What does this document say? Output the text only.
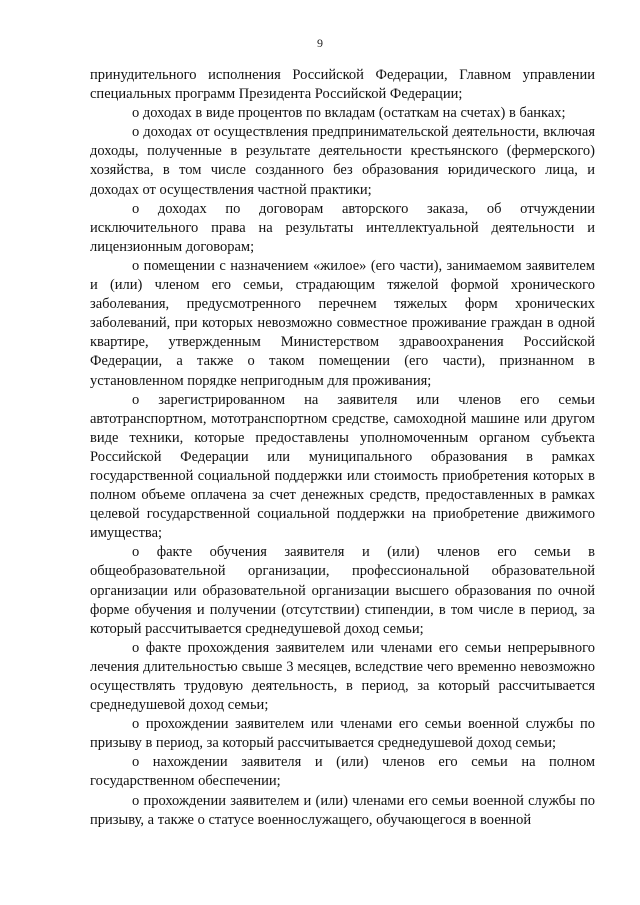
9

принудительного исполнения Российской Федерации, Главном управлении специальных программ Президента Российской Федерации;

о доходах в виде процентов по вкладам (остаткам на счетах) в банках;

о доходах от осуществления предпринимательской деятельности, включая доходы, полученные в результате деятельности крестьянского (фермерского) хозяйства, в том числе созданного без образования юридического лица, и доходах от осуществления частной практики;

о доходах по договорам авторского заказа, об отчуждении исключительного права на результаты интеллектуальной деятельности и лицензионным договорам;

о помещении с назначением «жилое» (его части), занимаемом заявителем и (или) членом его семьи, страдающим тяжелой формой хронического заболевания, предусмотренного перечнем тяжелых форм хронических заболеваний, при которых невозможно совместное проживание граждан в одной квартире, утвержденным Министерством здравоохранения Российской Федерации, а также о таком помещении (его части), признанном в установленном порядке непригодным для проживания;

о зарегистрированном на заявителя или членов его семьи автотранспортном, мототранспортном средстве, самоходной машине или другом виде техники, которые предоставлены уполномоченным органом субъекта Российской Федерации или муниципального образования в рамках государственной социальной поддержки или стоимость приобретения которых в полном объеме оплачена за счет денежных средств, предоставленных в рамках целевой государственной социальной поддержки на приобретение движимого имущества;

о факте обучения заявителя и (или) членов его семьи в общеобразовательной организации, профессиональной образовательной организации или образовательной организации высшего образования по очной форме обучения и получении (отсутствии) стипендии, в том числе в период, за который рассчитывается среднедушевой доход семьи;

о факте прохождения заявителем или членами его семьи непрерывного лечения длительностью свыше 3 месяцев, вследствие чего временно невозможно осуществлять трудовую деятельность, в период, за который рассчитывается среднедушевой доход семьи;

о прохождении заявителем или членами его семьи военной службы по призыву в период, за который рассчитывается среднедушевой доход семьи;

о нахождении заявителя и (или) членов его семьи на полном государственном обеспечении;

о прохождении заявителем и (или) членами его семьи военной службы по призыву, а также о статусе военнослужащего, обучающегося в военной
